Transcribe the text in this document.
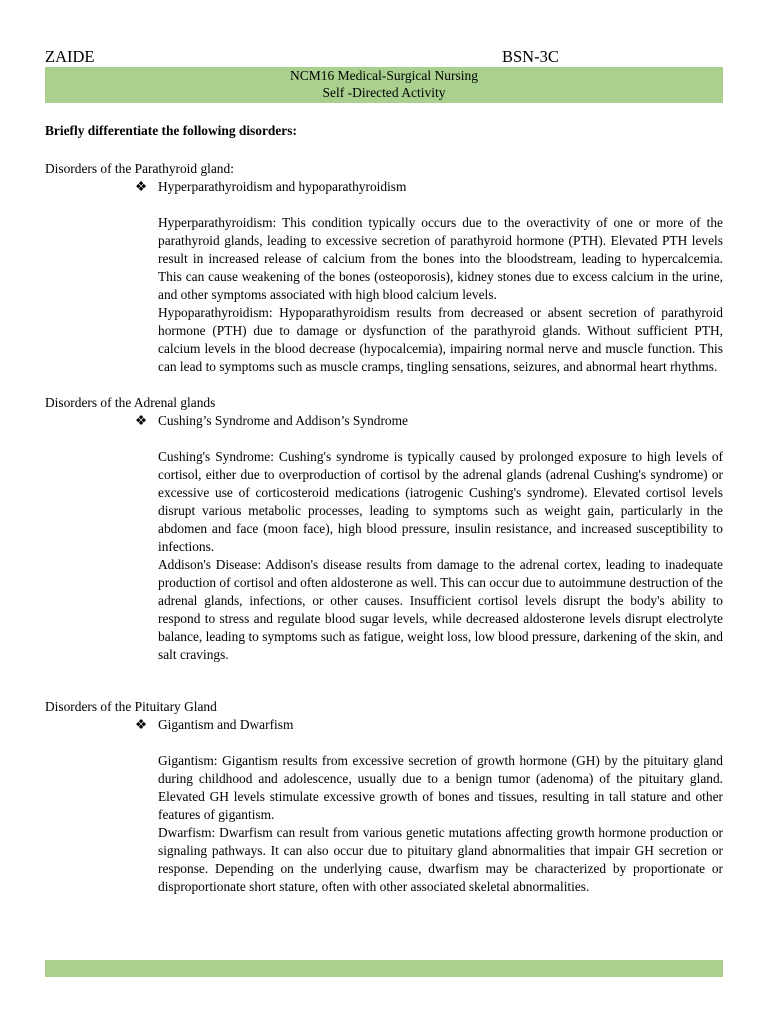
ZAIDE	BSN-3C
NCM16 Medical-Surgical Nursing
Self -Directed Activity

Briefly differentiate the following disorders:

Disorders of the Parathyroid gland:

❖ Hyperparathyroidism and hypoparathyroidism

Hyperparathyroidism: This condition typically occurs due to the overactivity of one or more of the parathyroid glands, leading to excessive secretion of parathyroid hormone (PTH). Elevated PTH levels result in increased release of calcium from the bones into the bloodstream, leading to hypercalcemia. This can cause weakening of the bones (osteoporosis), kidney stones due to excess calcium in the urine, and other symptoms associated with high blood calcium levels.

Hypoparathyroidism: Hypoparathyroidism results from decreased or absent secretion of parathyroid hormone (PTH) due to damage or dysfunction of the parathyroid glands. Without sufficient PTH, calcium levels in the blood decrease (hypocalcemia), impairing normal nerve and muscle function. This can lead to symptoms such as muscle cramps, tingling sensations, seizures, and abnormal heart rhythms.

Disorders of the Adrenal glands

❖ Cushing’s Syndrome and Addison’s Syndrome

Cushing's Syndrome: Cushing's syndrome is typically caused by prolonged exposure to high levels of cortisol, either due to overproduction of cortisol by the adrenal glands (adrenal Cushing's syndrome) or excessive use of corticosteroid medications (iatrogenic Cushing's syndrome). Elevated cortisol levels disrupt various metabolic processes, leading to symptoms such as weight gain, particularly in the abdomen and face (moon face), high blood pressure, insulin resistance, and increased susceptibility to infections.

Addison's Disease: Addison's disease results from damage to the adrenal cortex, leading to inadequate production of cortisol and often aldosterone as well. This can occur due to autoimmune destruction of the adrenal glands, infections, or other causes. Insufficient cortisol levels disrupt the body's ability to respond to stress and regulate blood sugar levels, while decreased aldosterone levels disrupt electrolyte balance, leading to symptoms such as fatigue, weight loss, low blood pressure, darkening of the skin, and salt cravings.

Disorders of the Pituitary Gland

❖ Gigantism and Dwarfism

Gigantism: Gigantism results from excessive secretion of growth hormone (GH) by the pituitary gland during childhood and adolescence, usually due to a benign tumor (adenoma) of the pituitary gland. Elevated GH levels stimulate excessive growth of bones and tissues, resulting in tall stature and other features of gigantism.

Dwarfism: Dwarfism can result from various genetic mutations affecting growth hormone production or signaling pathways. It can also occur due to pituitary gland abnormalities that impair GH secretion or response. Depending on the underlying cause, dwarfism may be characterized by proportionate or disproportionate short stature, often with other associated skeletal abnormalities.
